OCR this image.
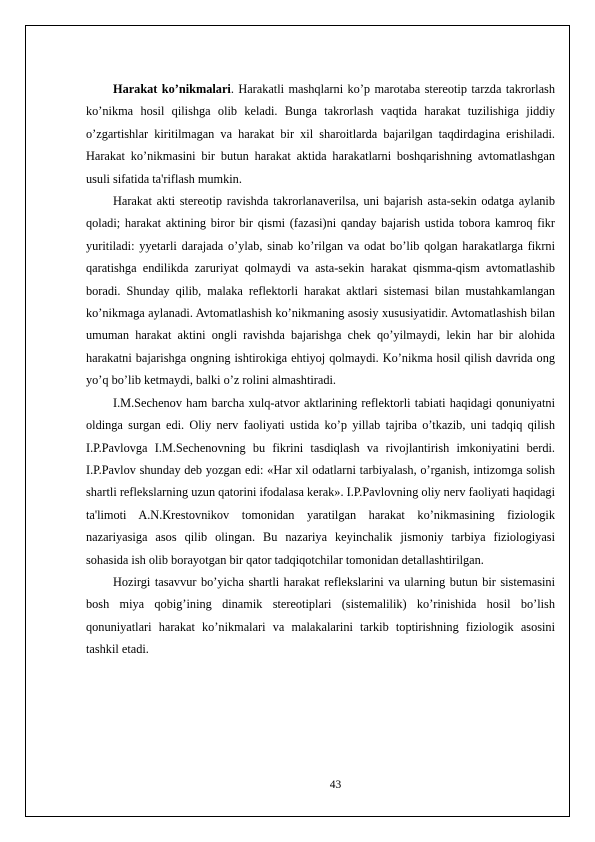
Harakat ko’nikmalari. Harakatli mashqlarni ko’p marotaba stereotip tarzda takrorlash ko’nikma hosil qilishga olib keladi. Bunga takrorlash vaqtida harakat tuzilishiga jiddiy o’zgartishlar kiritilmagan va harakat bir xil sharoitlarda bajarilgan taqdirdagina erishiladi. Harakat ko’nikmasini bir butun harakat aktida harakatlarni boshqarishning avtomatlashgan usuli sifatida ta'riflash mumkin.

Harakat akti stereotip ravishda takrorlanaverilsa, uni bajarish asta-sekin odatga aylanib qoladi; harakat aktining biror bir qismi (fazasi)ni qanday bajarish ustida tobora kamroq fikr yuritiladi: yyetarli darajada o’ylab, sinab ko’rilgan va odat bo’lib qolgan harakatlarga fikrni qaratishga endilikda zaruriyat qolmaydi va asta-sekin harakat qismma-qism avtomatlashib boradi. Shunday qilib, malaka reflektorli harakat aktlari sistemasi bilan mustahkamlangan ko’nikmaga aylanadi. Avtomatlashish ko’nikmaning asosiy xususiyatidir. Avtomatlashish bilan umuman harakat aktini ongli ravishda bajarishga chek qo’yilmaydi, lekin har bir alohida harakatni bajarishga ongning ishtirokiga ehtiyoj qolmaydi. Ko’nikma hosil qilish davrida ong yo’q bo’lib ketmaydi, balki o’z rolini almashtiradi.

I.M.Sechenov ham barcha xulq-atvor aktlarining reflektorli tabiati haqidagi qonuniyatni oldinga surgan edi. Oliy nerv faoliyati ustida ko’p yillab tajriba o’tkazib, uni tadqiq qilish I.P.Pavlovga I.M.Sechenovning bu fikrini tasdiqlash va rivojlantirish imkoniyatini berdi. I.P.Pavlov shunday deb yozgan edi: «Har xil odatlarni tarbiyalash, o’rganish, intizomga solish shartli reflekslarning uzun qatorini ifodalasa kerak». I.P.Pavlovning oliy nerv faoliyati haqidagi ta'limoti A.N.Krestovnikov tomonidan yaratilgan harakat ko’nikmasining fiziologik nazariyasiga asos qilib olingan. Bu nazariya keyinchalik jismoniy tarbiya fiziologiyasi sohasida ish olib borayotgan bir qator tadqiqotchilar tomonidan detallashtirilgan.

Hozirgi tasavvur bo’yicha shartli harakat reflekslarini va ularning butun bir sistemasini bosh miya qobig’ining dinamik stereotiplari (sistemalilik) ko’rinishida hosil bo’lish qonuniyatlari harakat ko’nikmalari va malakalarini tarkib toptirishning fiziologik asosini tashkil etadi.

43
